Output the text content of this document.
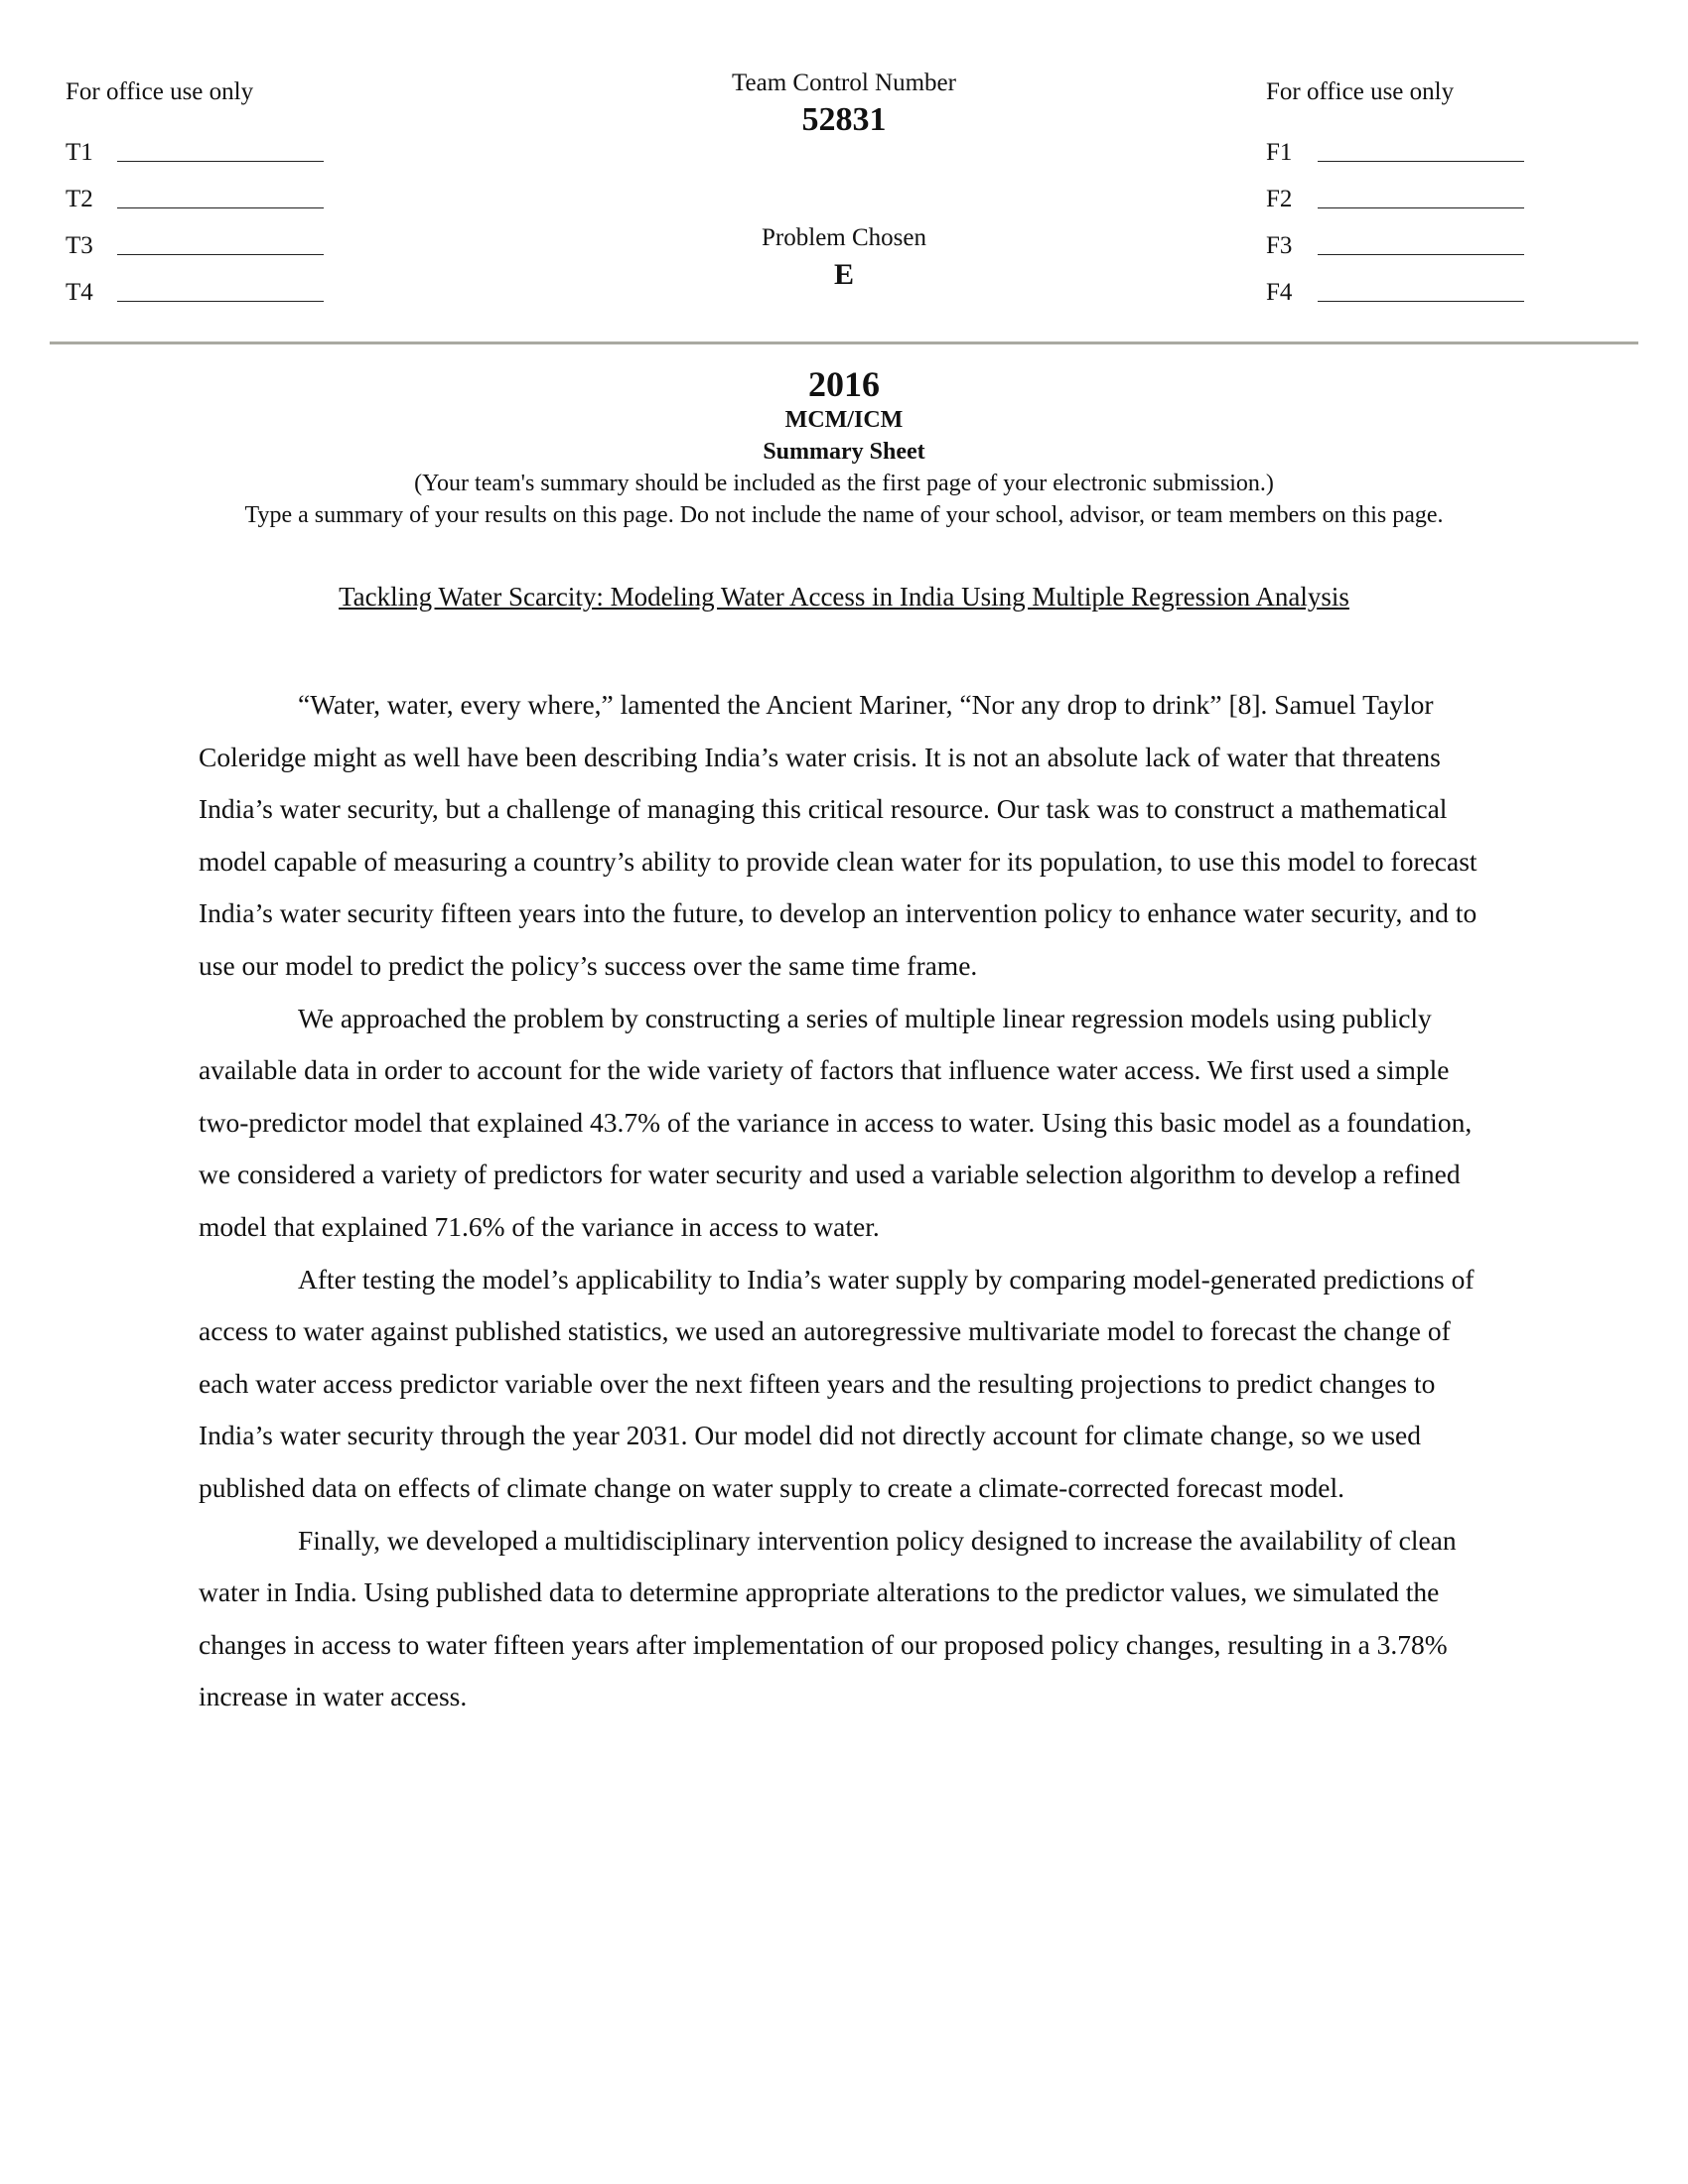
For office use only
T1
T2
T3
T4
For office use only
F1
F2
F3
F4
Team Control Number
52831
Problem Chosen
E
2016
MCM/ICM
Summary Sheet
(Your team's summary should be included as the first page of your electronic submission.)
Type a summary of your results on this page. Do not include the name of your school, advisor, or team members on this page.
Tackling Water Scarcity: Modeling Water Access in India Using Multiple Regression Analysis

“Water, water, every where,” lamented the Ancient Mariner, “Nor any drop to drink” [8]. Samuel Taylor Coleridge might as well have been describing India’s water crisis. It is not an absolute lack of water that threatens India’s water security, but a challenge of managing this critical resource. Our task was to construct a mathematical model capable of measuring a country’s ability to provide clean water for its population, to use this model to forecast India’s water security fifteen years into the future, to develop an intervention policy to enhance water security, and to use our model to predict the policy’s success over the same time frame.

We approached the problem by constructing a series of multiple linear regression models using publicly available data in order to account for the wide variety of factors that influence water access. We first used a simple two-predictor model that explained 43.7% of the variance in access to water. Using this basic model as a foundation, we considered a variety of predictors for water security and used a variable selection algorithm to develop a refined model that explained 71.6% of the variance in access to water.

After testing the model’s applicability to India’s water supply by comparing model-generated predictions of access to water against published statistics, we used an autoregressive multivariate model to forecast the change of each water access predictor variable over the next fifteen years and the resulting projections to predict changes to India’s water security through the year 2031. Our model did not directly account for climate change, so we used published data on effects of climate change on water supply to create a climate-corrected forecast model.

Finally, we developed a multidisciplinary intervention policy designed to increase the availability of clean water in India. Using published data to determine appropriate alterations to the predictor values, we simulated the changes in access to water fifteen years after implementation of our proposed policy changes, resulting in a 3.78% increase in water access.
